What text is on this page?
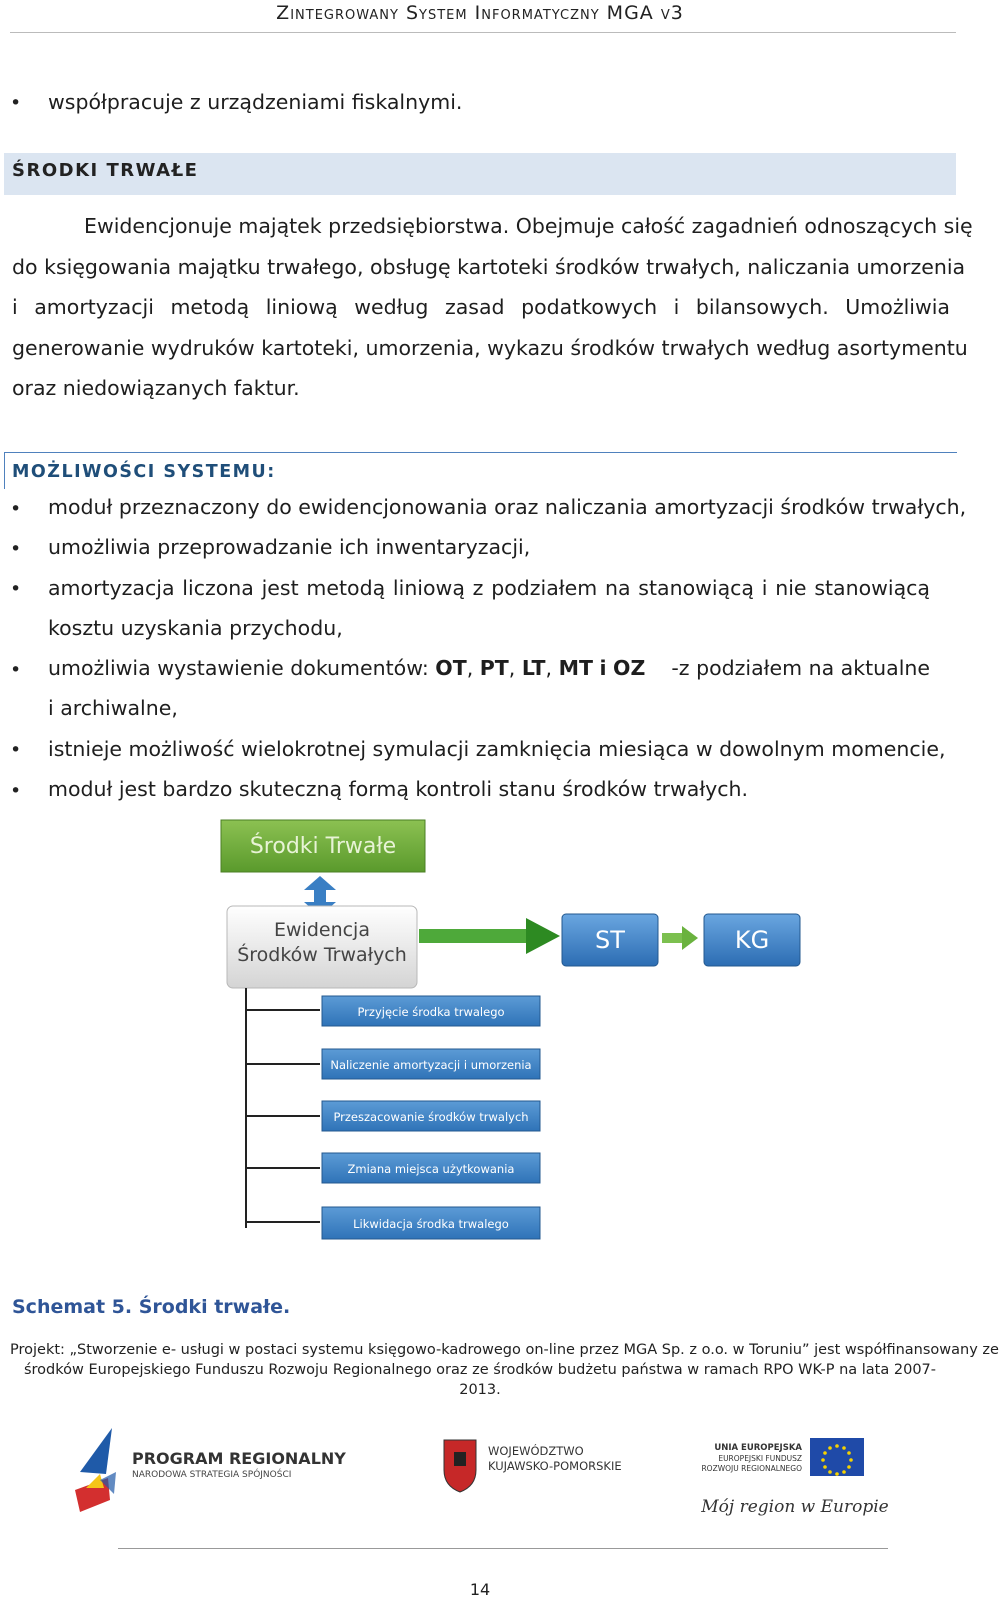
Zintegrowany System Informatyczny MGA v3
• współpracuje z urządzeniami fiskalnymi.
ŚRODKI TRWAŁE
Ewidencjonuje majątek przedsiębiorstwa. Obejmuje całość zagadnień odnoszących się
do księgowania majątku trwałego, obsługę kartoteki środków trwałych, naliczania umorzenia
i amortyzacji metodą liniową według zasad podatkowych i bilansowych. Umożliwia
generowanie wydruków kartoteki, umorzenia, wykazu środków trwałych według asortymentu
oraz niedowiązanych faktur.
MOŻLIWOŚCI SYSTEMU:
• moduł przeznaczony do ewidencjonowania oraz naliczania amortyzacji środków trwałych,
• umożliwia przeprowadzanie ich inwentaryzacji,
• amortyzacja liczona jest metodą liniową z podziałem na stanowiącą i nie stanowiącą
kosztu uzyskania przychodu,
• umożliwia wystawienie dokumentów: OT, PT, LT, MT i OZ -z podziałem na aktualne
i archiwalne,
• istnieje możliwość wielokrotnej symulacji zamknięcia miesiąca w dowolnym momencie,
• moduł jest bardzo skuteczną formą kontroli stanu środków trwałych.
Środki Trwałe
Ewidencja
Środków Trwałych
ST	KG
Przyjęcie środka trwalego
Naliczenie amortyzacji i umorzenia
Przeszacowanie środków trwalych
Zmiana miejsca użytkowania
Likwidacja środka trwalego
Schemat 5. Środki trwałe.
Projekt: „Stworzenie e- usługi w postaci systemu księgowo-kadrowego on-line przez MGA Sp. z o.o. w Toruniu” jest współfinansowany ze
środków Europejskiego Funduszu Rozwoju Regionalnego oraz ze środków budżetu państwa w ramach RPO WK-P na lata 2007-
2013.
PROGRAM REGIONALNY
NARODOWA STRATEGIA SPÓJNOŚCI
WOJEWÓDZTWO
KUJAWSKO-POMORSKIE
UNIA EUROPEJSKA
EUROPEJSKI FUNDUSZ
ROZWOJU REGIONALNEGO
Mój region w Europie
14
